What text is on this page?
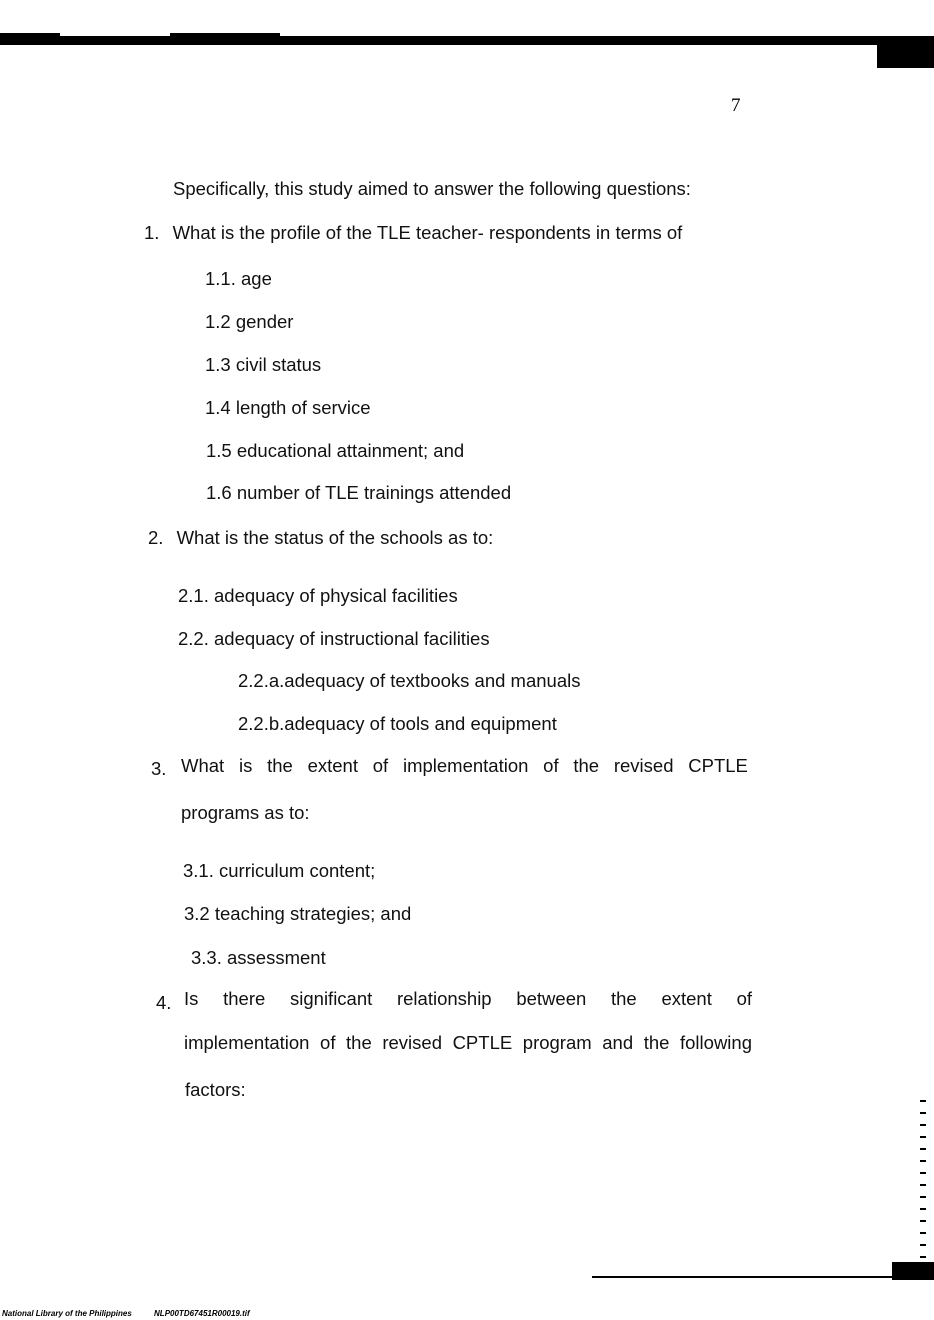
7
Specifically, this study aimed to answer the following questions:
1. What is the profile of the TLE teacher- respondents in terms of
1.1. age
1.2 gender
1.3 civil status
1.4 length of service
1.5 educational attainment; and
1.6 number of TLE trainings attended
2. What is the status of the schools as to:
2.1. adequacy of physical facilities
2.2. adequacy of instructional facilities
2.2.a.adequacy of textbooks and manuals
2.2.b.adequacy of tools and equipment
3. What is the extent of implementation of the revised CPTLE
programs as to:
3.1. curriculum content;
3.2 teaching strategies; and
3.3. assessment
4. Is there significant relationship between the extent of
implementation of the revised CPTLE program and the following
factors:
National Library of the Philippines	NLP00TD67451R00019.tif
